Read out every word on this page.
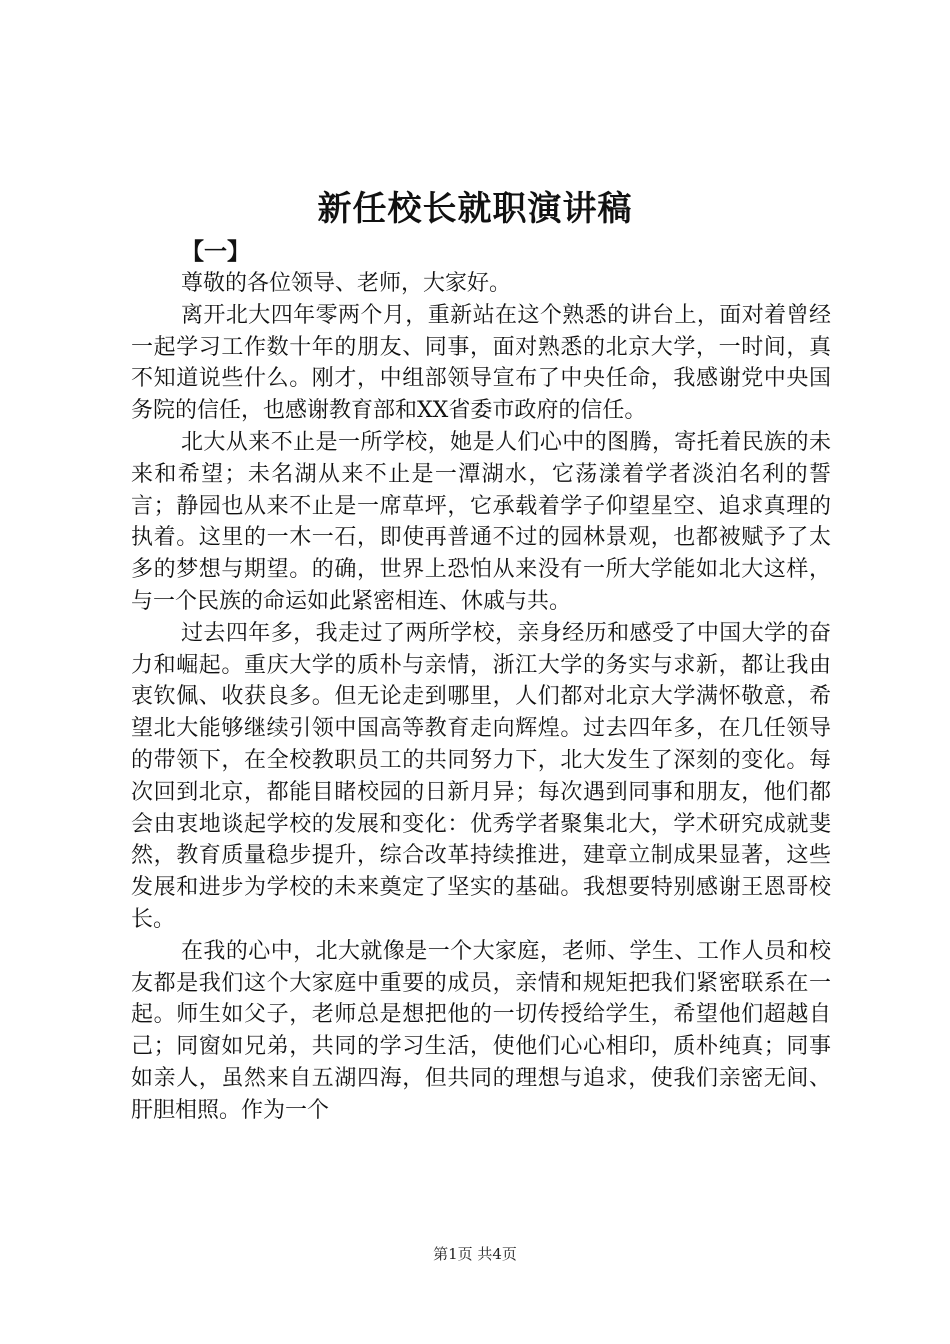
新任校长就职演讲稿

【一】

尊敬的各位领导、老师，大家好。

离开北大四年零两个月，重新站在这个熟悉的讲台上，面对着曾经一起学习工作数十年的朋友、同事，面对熟悉的北京大学，一时间，真不知道说些什么。刚才，中组部领导宣布了中央任命，我感谢党中央国务院的信任，也感谢教育部和XX省委市政府的信任。

北大从来不止是一所学校，她是人们心中的图腾，寄托着民族的未来和希望；未名湖从来不止是一潭湖水，它荡漾着学者淡泊名利的誓言；静园也从来不止是一席草坪，它承载着学子仰望星空、追求真理的执着。这里的一木一石，即使再普通不过的园林景观，也都被赋予了太多的梦想与期望。的确，世界上恐怕从来没有一所大学能如北大这样，与一个民族的命运如此紧密相连、休戚与共。

过去四年多，我走过了两所学校，亲身经历和感受了中国大学的奋力和崛起。重庆大学的质朴与亲情，浙江大学的务实与求新，都让我由衷钦佩、收获良多。但无论走到哪里，人们都对北京大学满怀敬意，希望北大能够继续引领中国高等教育走向辉煌。过去四年多，在几任领导的带领下，在全校教职员工的共同努力下，北大发生了深刻的变化。每次回到北京，都能目睹校园的日新月异；每次遇到同事和朋友，他们都会由衷地谈起学校的发展和变化：优秀学者聚集北大，学术研究成就斐然，教育质量稳步提升，综合改革持续推进，建章立制成果显著，这些发展和进步为学校的未来奠定了坚实的基础。我想要特别感谢王恩哥校长。

在我的心中，北大就像是一个大家庭，老师、学生、工作人员和校友都是我们这个大家庭中重要的成员，亲情和规矩把我们紧密联系在一起。师生如父子，老师总是想把他的一切传授给学生，希望他们超越自己；同窗如兄弟，共同的学习生活，使他们心心相印，质朴纯真；同事如亲人，虽然来自五湖四海，但共同的理想与追求，使我们亲密无间、肝胆相照。作为一个

第1页 共4页
